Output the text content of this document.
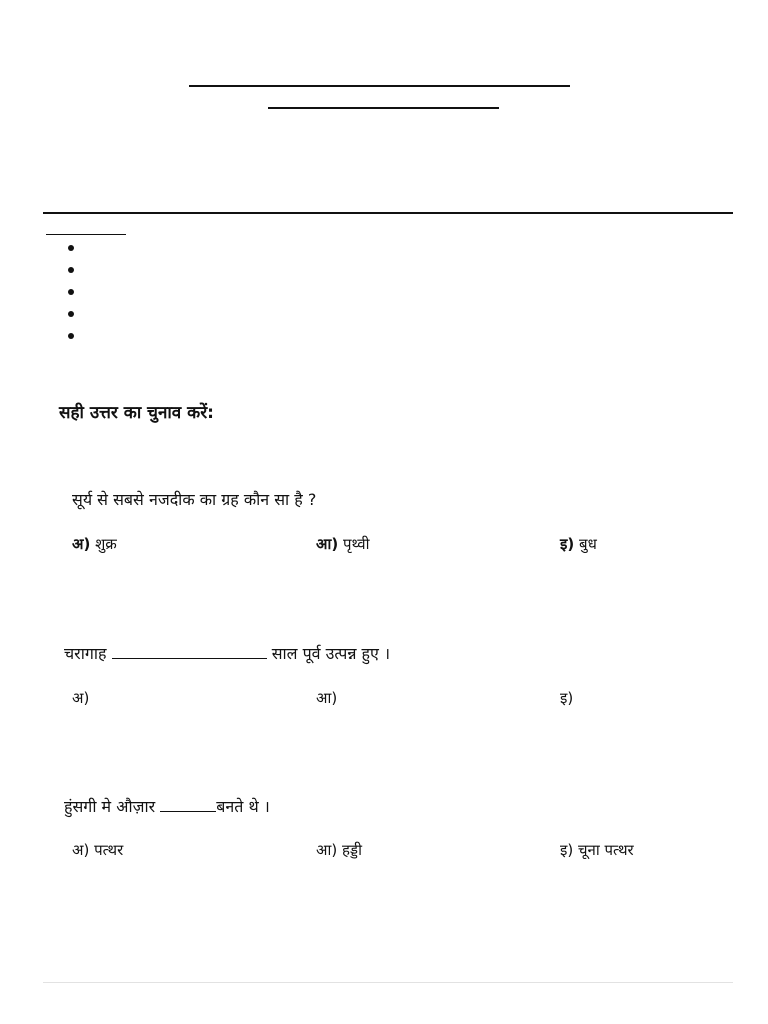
सही उत्तर का चुनाव करें:
सूर्य से सबसे नजदीक का ग्रह कौन सा है ?
अ) शुक्र	आ) पृथ्वी	इ) बुध
चरागाह	साल पूर्व उत्पन्न हुए ।
अ)	आ)	इ)
हुंसगी मे औज़ार	बनते थे ।
अ) पत्थर	आ) हड्डी	इ) चूना पत्थर
